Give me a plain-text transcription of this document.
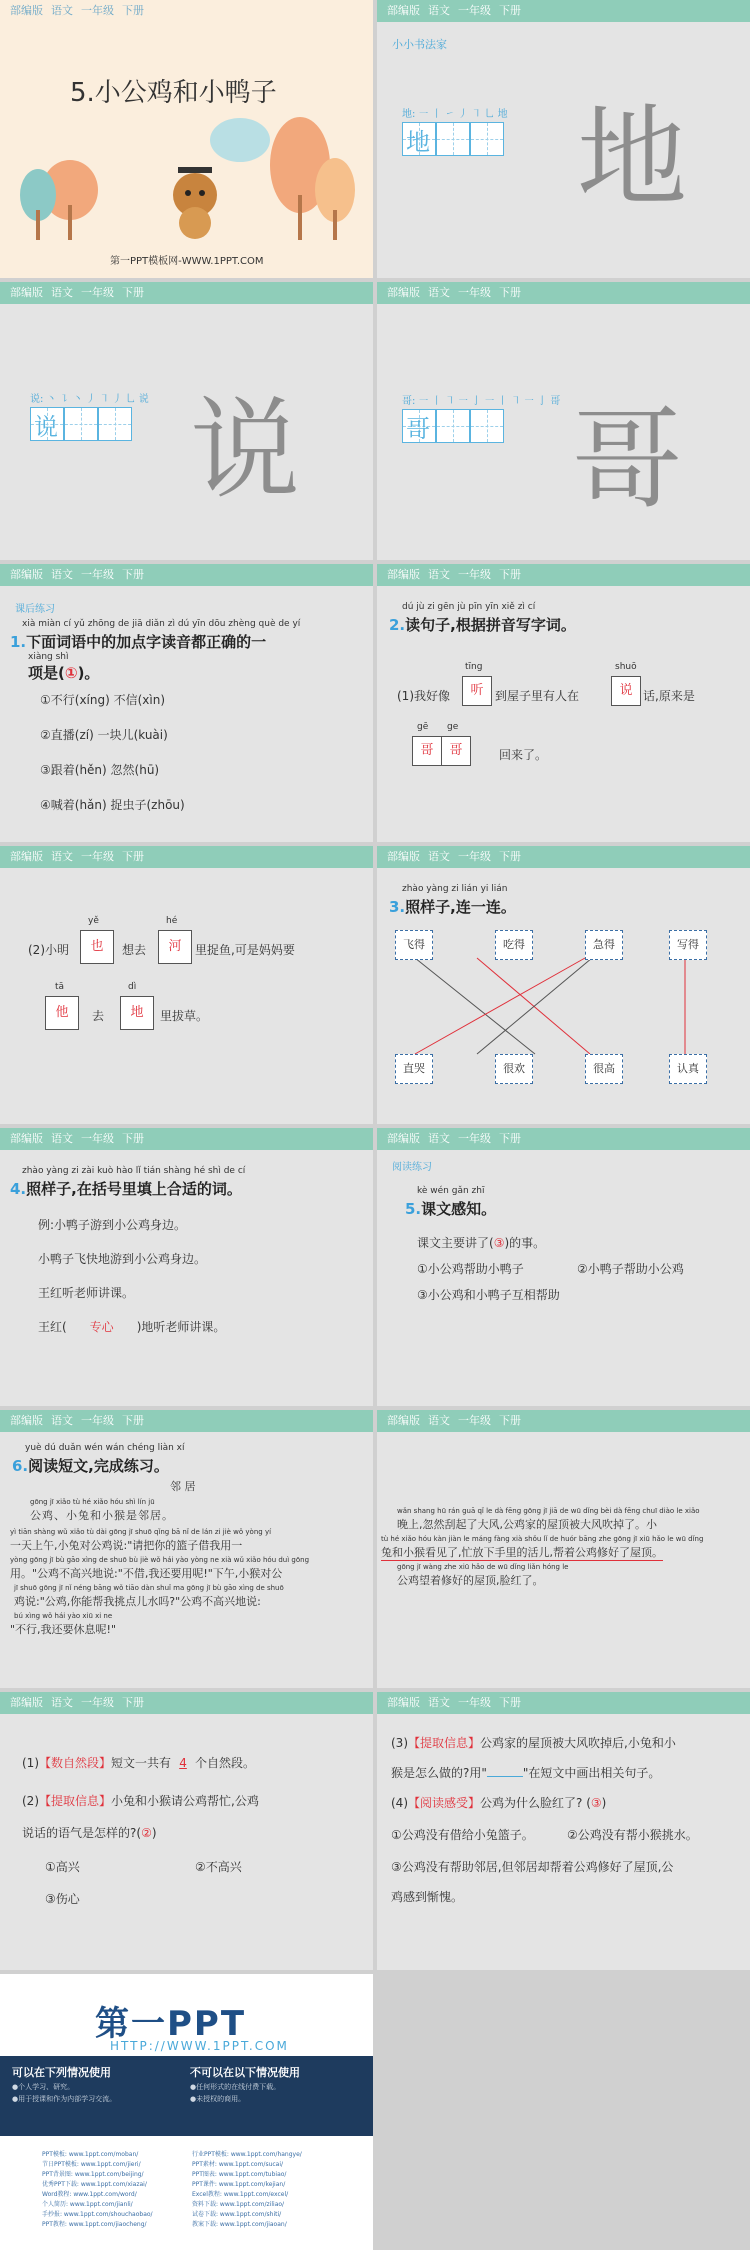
部编版 语文 一年级 下册
5.小公鸡和小鸭子
第一PPT模板网-WWW.1PPT.COM
部编版 语文 一年级 下册
小小书法家
地: ㇐ 丨 ㇀ 丿 ㇕ 乚 地
地 地
部编版 语文 一年级 下册
说: 丶 ㇊ 丶 丿 ㇕ 丿 乚 说
说 说
部编版 语文 一年级 下册
哥: ㇐ 丨 ㇕ ㇐ 亅 ㇐ 丨 ㇕ ㇐ 亅 哥
哥 哥
部编版 语文 一年级 下册
课后练习
xià miàn cí yǔ zhōng de jiā diǎn zì dú yīn dōu zhèng què de yí
1.下面词语中的加点字读音都正确的一
xiàng shì
项是(①)。
①不行(xíng) 不信(xìn)
②直播(zí) 一块儿(kuài)
③跟着(hěn) 忽然(hū)
④喊着(hǎn) 捉虫子(zhōu)
部编版 语文 一年级 下册
dú jù zi gēn jù pīn yīn xiě zì cí
2.读句子,根据拼音写字词。
(1)我好像
tīng
听 到屋子里有人在
shuō
说 话,原来是
gē ge
哥	哥	回来了。
部编版 语文 一年级 下册
(2)小明
yě
也	想去
hé
河	里捉鱼,可是妈妈要
tā
他	去
dì
地	里拔草。
部编版 语文 一年级 下册
zhào yàng zi lián yi lián
3.照样子,连一连。
飞得	吃得	急得	写得
直哭	很欢	很高	认真
部编版 语文 一年级 下册
zhào yàng zi zài kuò hào lǐ tián shàng hé shì de cí
4.照样子,在括号里填上合适的词。
例:小鸭子游到小公鸡身边。
小鸭子飞快地游到小公鸡身边。
王红听老师讲课。
王红( 专心 )地听老师讲课。
部编版 语文 一年级 下册
阅读练习
kè wén gǎn zhī
5.课文感知。
课文主要讲了(③)的事。
①小公鸡帮助小鸭子	②小鸭子帮助小公鸡
③小公鸡和小鸭子互相帮助
部编版 语文 一年级 下册
yuè dú duǎn wén wán chéng liàn xí
6.阅读短文,完成练习。
邻 居
gōng jī xiǎo tù hé xiǎo hóu shì lín jū
公鸡、小兔和小猴是邻居。
yì tiān shàng wǔ xiǎo tù dài gōng jī shuō qǐng bā nǐ de lán zi jiè wǒ yòng yí
一天上午,小兔对公鸡说:"请把你的篮子借我用一
yòng gōng jī bù gāo xìng de shuō bù jiè wǒ hái yào yòng ne xià wǔ xiǎo hóu duì gōng
用。"公鸡不高兴地说:"不借,我还要用呢!"下午,小猴对公
jī shuō gōng jī nǐ néng bāng wǒ tiāo dàn shuǐ ma gōng jī bù gāo xìng de shuō
鸡说:"公鸡,你能帮我挑点儿水吗?"公鸡不高兴地说:
bú xìng wǒ hái yào xiū xi ne
"不行,我还要休息呢!"
部编版 语文 一年级 下册
wǎn shang hū rán guā qǐ le dà fēng gōng jī jiā de wū dǐng bèi dà fēng chuī diào le xiǎo
晚上,忽然刮起了大风,公鸡家的屋顶被大风吹掉了。小
tù hé xiǎo hóu kàn jiàn le máng fàng xià shǒu lǐ de huór bāng zhe gōng jī xiū hǎo le wū dǐng
兔和小猴看见了,忙放下手里的活儿,帮着公鸡修好了屋顶。
gōng jī wàng zhe xiū hǎo de wū dǐng liǎn hóng le
公鸡望着修好的屋顶,脸红了。
部编版 语文 一年级 下册
(1)【数自然段】短文一共有 4 个自然段。
(2)【提取信息】小兔和小猴请公鸡帮忙,公鸡
说话的语气是怎样的?(②)
①高兴	②不高兴
③伤心
部编版 语文 一年级 下册
(3)【提取信息】公鸡家的屋顶被大风吹掉后,小兔和小
猴是怎么做的?用"	"在短文中画出相关句子。
(4)【阅读感受】公鸡为什么脸红了? (③)
①公鸡没有借给小兔篮子。	②公鸡没有帮小猴挑水。
③公鸡没有帮助邻居,但邻居却帮着公鸡修好了屋顶,公
鸡感到惭愧。
第一PPT
HTTP://WWW.1PPT.COM
可以在下列情况使用	不可以在以下情况使用
●个人学习、研究。
●用于授课和作为内部学习交流。
●任何形式的在线付费下载。
●未授权的商用。
PPT模板: www.1ppt.com/moban/
节日PPT模板: www.1ppt.com/jieri/
PPT背景图: www.1ppt.com/beijing/
优秀PPT下载: www.1ppt.com/xiazai/
Word教程: www.1ppt.com/word/
个人简历: www.1ppt.com/jianli/
手抄报: www.1ppt.com/shouchaobao/
PPT教程: www.1ppt.com/jiaocheng/
行业PPT模板: www.1ppt.com/hangye/
PPT素材: www.1ppt.com/sucai/
PPT图表: www.1ppt.com/tubiao/
PPT课件: www.1ppt.com/kejian/
Excel教程: www.1ppt.com/excel/
资料下载: www.1ppt.com/ziliao/
试卷下载: www.1ppt.com/shiti/
教案下载: www.1ppt.com/jiaoan/
